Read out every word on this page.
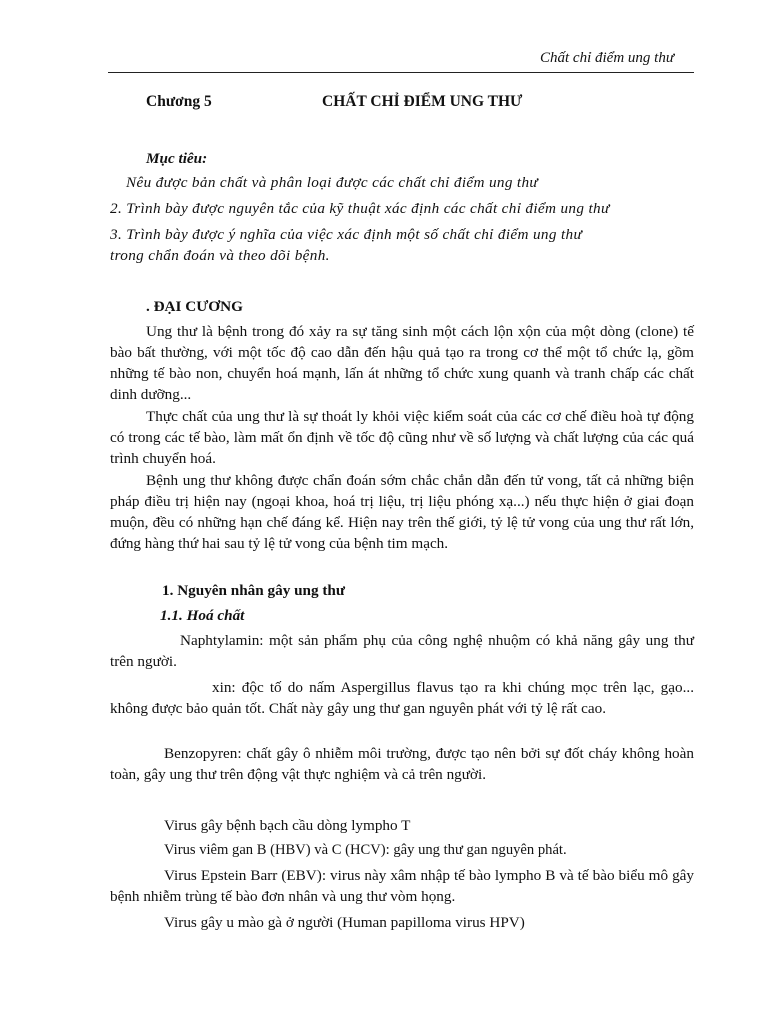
Chất chỉ điểm ung thư
Chương 5	CHẤT CHỈ ĐIỂM UNG THƯ
Mục tiêu:
Nêu được bản chất và phân loại được các chất chỉ điểm ung thư
2. Trình bày được nguyên tắc của kỹ thuật xác định các chất chỉ điểm ung thư
3. Trình bày được ý nghĩa của việc xác định một số chất chỉ điểm ung thư
trong chẩn đoán và theo dõi bệnh.
. ĐẠI CƯƠNG
Ung thư là bệnh trong đó xảy ra sự tăng sinh một cách lộn xộn của một dòng (clone) tế bào bất thường, với một tốc độ cao dẫn đến hậu quả tạo ra trong cơ thể một tổ chức lạ, gồm những tế bào non, chuyển hoá mạnh, lấn át những tổ chức xung quanh và tranh chấp các chất dinh dưỡng...
Thực chất của ung thư là sự thoát ly khỏi việc kiểm soát của các cơ chế điều hoà tự động có trong các tế bào, làm mất ổn định về tốc độ cũng như về số lượng và chất lượng của các quá trình chuyển hoá.
Bệnh ung thư không được chẩn đoán sớm chắc chắn dẫn đến tử vong, tất cả những biện pháp điều trị hiện nay (ngoại khoa, hoá trị liệu, trị liệu phóng xạ...) nếu thực hiện ở giai đoạn muộn, đều có những hạn chế đáng kể. Hiện nay trên thế giới, tỷ lệ tử vong của ung thư rất lớn, đứng hàng thứ hai sau tỷ lệ tử vong của bệnh tim mạch.
1. Nguyên nhân gây ung thư
1.1. Hoá chất
Naphtylamin: một sản phẩm phụ của công nghệ nhuộm có khả năng gây ung thư trên người.
xin: độc tố do nấm Aspergillus flavus tạo ra khi chúng mọc trên lạc, gạo... không được bảo quản tốt. Chất này gây ung thư gan nguyên phát với tỷ lệ rất cao.
Benzopyren: chất gây ô nhiễm môi trường, được tạo nên bởi sự đốt cháy không hoàn toàn, gây ung thư trên động vật thực nghiệm và cả trên người.
Virus gây bệnh bạch cầu dòng lympho T
Virus viêm gan B (HBV) và C (HCV): gây ung thư gan nguyên phát.
Virus Epstein Barr (EBV): virus này xâm nhập tế bào lympho B và tế bào biểu mô gây bệnh nhiễm trùng tế bào đơn nhân và ung thư vòm họng.
Virus gây u mào gà ở người (Human papilloma virus HPV)
